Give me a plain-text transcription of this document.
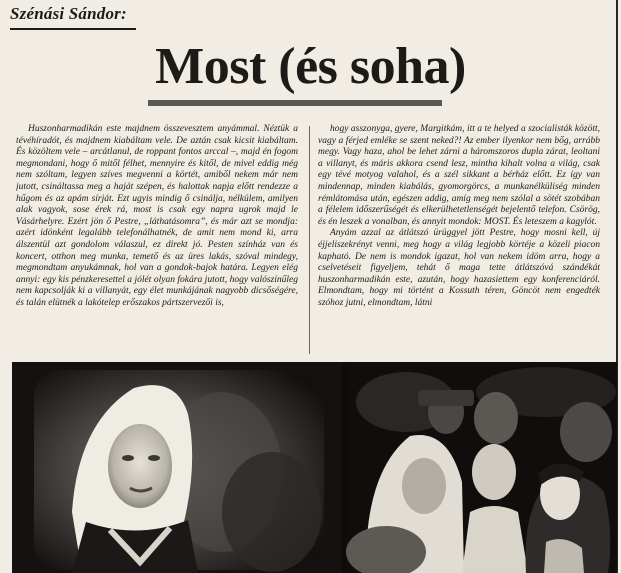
Szénási Sándor:
Most (és soha)

Huszonharmadikán este majdnem összevesztem anyámmal. Néztük a tévéhíradót, és majdnem kiabáltam vele. De aztán csak kicsit kiabáltam. És közöltem vele – arcátlanul, de roppant fontos arccal –, majd én fogom megmondani, hogy ő mitől félhet, mennyire és kitől, de mivel eddig még nem szóltam, legyen szíves megvenni a körtét, amiből nekem már nem jutott, csináltassa meg a haját szépen, és halottak napja előtt rendezze a hűgom és az apám sírját. Ezt ugyis mindig ő csinálja, nélkülem, amilyen alak vagyok, sose érek rá, most is csak egy napra ugrok majd le Vásárhelyre. Ezért jön ő Pestre, „láthatásomra”, és már azt se mondja: azért idönként legalább telefonálhatnék, de amit nem mond ki, arra álszentül azt gondolom válaszul, ez direkt jó. Pesten színház van és koncert, otthon meg munka, temető és az üres lakás, szóval mindegy, megmondtam anyukámnak, hol van a gondok-bajok határa. Legyen elég annyi: egy kis pénzkeresettel a jólét olyan fokára jutott, hogy valószínűleg nem kapcsolják ki a villanyát, egy élet munkájának nagyobb dicsőségére, és talán elütnék a lakótelep erőszakos pártszervezői is,

hogy asszonyga, gyere, Margitkám, itt a te helyed a szocialisták között, vagy a férjed emléke se szent neked?! Az ember ilyenkor nem bőg, arrább megy. Vagy haza, ahol be lehet zárni a háromszoros dupla zárat, leoltani a villanyt, és máris akkora csend lesz, mintha kihalt volna a világ, csak egy tévé motyog valahol, és a szél sikkant a bérház előtt. Ez így van mindennap, minden kiabálás, gyomorgörcs, a munkanélküliség minden rémlátomása után, egészen addig, amíg meg nem szólal a sötét szobában a félelem időszerűségét és elkerülhetetlenségét bejelentő telefon. Csörög, és én leszek a vonalban, és annyit mondok: MOST. És leteszem a kagylót.

Anyám azzal az átlátszó ürüggyel jött Pestre, hogy mosni kell, új éjjeliszekrényt venni, meg hogy a világ legjobb körtéje a közeli piacon kapható. De nem is mondok igazat, hol van nekem idöm arra, hogy a cselvetéseit figyeljem, tehát ő maga tette átlátszóvá szándékát huszonharmadikán este, azután, hogy hazasiettem egy konferenciáról. Elmondtam, hogy mi történt a Kossuth téren, Göncöt nem engedték szóhoz jutni, elmondtam, látni
